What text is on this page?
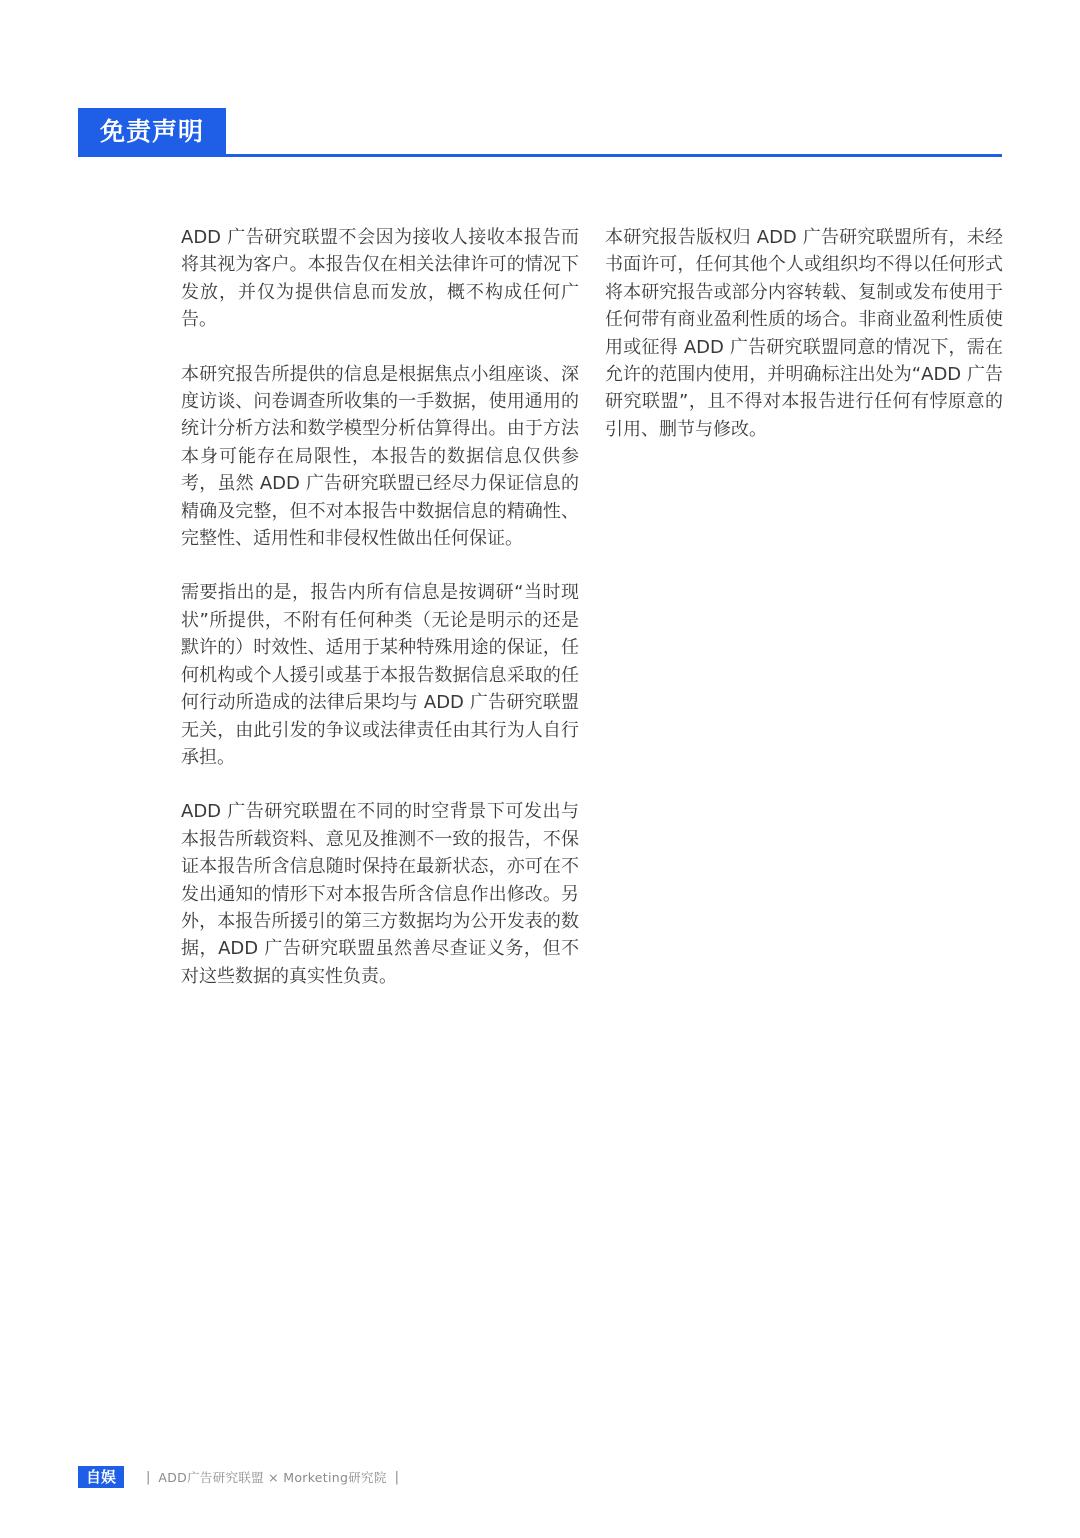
免责声明

ADD 广告研究联盟不会因为接收人接收本报告而将其视为客户。本报告仅在相关法律许可的情况下发放，并仅为提供信息而发放，概不构成任何广告。

本研究报告所提供的信息是根据焦点小组座谈、深度访谈、问卷调查所收集的一手数据，使用通用的统计分析方法和数学模型分析估算得出。由于方法本身可能存在局限性，本报告的数据信息仅供参考，虽然 ADD 广告研究联盟已经尽力保证信息的精确及完整，但不对本报告中数据信息的精确性、完整性、适用性和非侵权性做出任何保证。

需要指出的是，报告内所有信息是按调研“当时现状”所提供，不附有任何种类（无论是明示的还是默许的）时效性、适用于某种特殊用途的保证，任何机构或个人援引或基于本报告数据信息采取的任何行动所造成的法律后果均与 ADD 广告研究联盟无关，由此引发的争议或法律责任由其行为人自行承担。

ADD 广告研究联盟在不同的时空背景下可发出与本报告所载资料、意见及推测不一致的报告，不保证本报告所含信息随时保持在最新状态，亦可在不发出通知的情形下对本报告所含信息作出修改。另外，本报告所援引的第三方数据均为公开发表的数据，ADD 广告研究联盟虽然善尽查证义务，但不对这些数据的真实性负责。

本研究报告版权归 ADD 广告研究联盟所有，未经书面许可，任何其他个人或组织均不得以任何形式将本研究报告或部分内容转载、复制或发布使用于任何带有商业盈利性质的场合。非商业盈利性质使用或征得 ADD 广告研究联盟同意的情况下，需在允许的范围内使用，并明确标注出处为“ADD 广告研究联盟”，且不得对本报告进行任何有悖原意的引用、删节与修改。

自娱	| ADD广告研究联盟 × Morketing研究院 |
